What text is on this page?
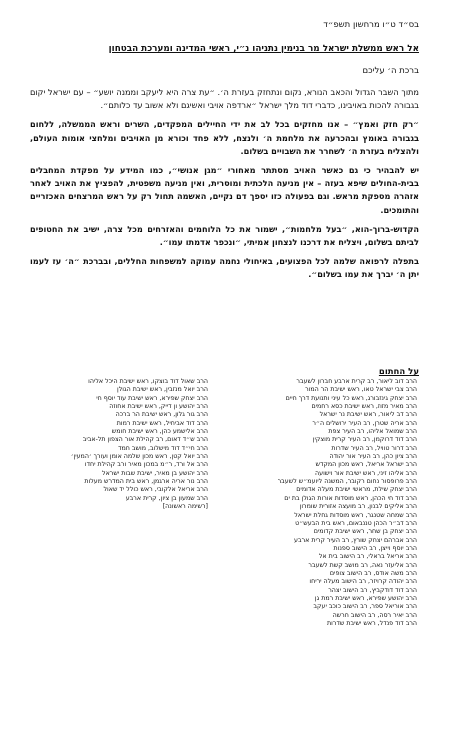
בס״ד ט״ו מרחשון תשפ״ד
אל ראש ממשלת ישראל מר בנימין נתניהו נ״י, ראשי המדינה ומערכת הבטחון
ברכת ה׳ עליכם

מתוך השבר הגדול והכאב הנורא, נקום ונתחזק בעזרת ה׳. ״עת צרה היא ליעקב וממנה יושע״ – עם ישראל יקום בגבורה להכות באויבינו, כדברי דוד מלך ישראל ״ארדפה אויבי ואשיגם ולא אשוב עד כלותם״.

״רק חזק ואמץ״ – אנו מחזקים בכל לב את ידי החיילים המפקדים, השרים וראש הממשלה, ללחום בגבורה באומץ ובהכרעה את מלחמת ה׳ ולנצח, ללא פחד וכורא מן האויבים ומלחצי אומות העולם, ולהצליח בעזרת ה׳ לשחרר את השבויים בשלום.

יש להבהיר כי גם כאשר האויב מסתתר מאחורי ״מגן אנושי״, כמו המידע על מפקדת המחבלים בבית-החולים שיפא בעזה – אין מניעה הלכתית ומוסרית, ואין מניעה משפטית, להפציץ את האויב לאחר אזהרה מספקת מראש. וגם בפעולה כזו יספך דם נקיים, האשמה תחול רק על ראש המרצחים האכזריים והתומכים.

הקדוש-ברוך-הוא, ״בעל מלחמות״, ישמור את כל הלוחמים והאזרחים מכל צרה, ישיב את החטופים לביתם בשלום, ויצליח את דרכנו לנצחון אמיתי, ״ונכפר אדמתו עמו״.

בתפלה לרפואה שלמה לכל הפצועים, באיחולי נחמה עמוקה למשפחות החללים, ובברכת ״ה׳ עז לעמו יתן ה׳ יברך את עמו בשלום״.

על החתום
הרב דוב ליאור, רב קרית ארבע חברון לשעבר
הרב צבי ישראל טאו, ראש ישיבת הר המור
הרב יצחק גינזבורג, ראש כל עיני ותנועת דרך חיים
הרב מאיר מזוז, ראש ישיבת כסא רחמים
הרב דב ליאור, ראש ישיבת נר ישראל
הרב אריה שטרן, רב העיר ירושלים ה״ר
הרב שמואל אליהו, רב העיר צפת
הרב דוד דרוקמן, רב העיר קרית מוצקין
הרב דרור טוויל, רב העיר שדרות
הרב ציון כהן, רב העיר אור יהודה
הרב ישראל אריאל, ראש מכון המקדש
הרב אליהו זיני, ראש ישיבת אור וישועה
הרב פרופסור נחום רקובר, המשנה ליועמ״ש לשעבר
הרב יצחק שילת, מראשי ישיבת מעלה אדומים
הרב דוד חי הכהן, ראש מוסדות אורות הגולן בת ים
הרב אליקים לבנון, רב מועצה אזורית שומרון
הרב שמחה שטנגר, ראש מוסדות גחלת ישראל
הרב דב״ר הכהן טננבאום, ראש בית הבעש״ט
הרב יצחק בן שחר, ראש ישיבת קדומים
הרב אברהם יצחק שורץ, רב העיר קרית ארבע
הרב יוסף וייצן, רב הישוב ספנות
הרב אריאל בראלי, רב הישוב בית אל
הרב אליעזר נאה, רב מושב קשת לשעבר
הרב משה אודס, רב הישוב צופים
הרב יהודה קרויזר, רב הישוב מעלה יריחו
הרב דוד דודקביץ, רב הישוב יצהר
הרב יהושע שפירא, ראש ישיבת רמת גן
הרב אוריאל ספר, רב הישוב כוכב יעקב
הרב יאיר רסה, רב הישוב חרשה
הרב דוד פנדל, ראש ישיבת שדרות
הרב שאול דוד בוצקו, ראש ישיבת היכל אליהו
הרב יואל מנזבין, ראש ישיבת הגולן
הרב יצחק שפירא, ראש ישיבת עוד יוסף חי
הרב יהושע ון דייק, ראש ישיבת אחוזה
הרב גור גלון, ראש ישיבת הר ברכה
הרב דוד אביחיל, ראש ישיבת רמות
הרב אלישמע כהן, ראש ישיבת חומש
הרב ש״ד דאום, רב קהילת אור הצפון תל-אביב
הרב חי״ד דוד מישלוב, מושב חמד
הרב יואל קטן, ראש מכון שלמה אומן ועורך ׳המעין׳
הרב אל ורד, ר״מ במכון מאיר ורב קהילת יחדו
הרב יהושע בן מאיר, ישיבת שבות ישראל
הרב נור אריה ארגמן, ראש בית המדרש מעלות
הרב אריאל אלקובי, ראש כולל יד שאול
הרב שמעון בן ציון, קרית ארבע
[רשימה ראשונה]
